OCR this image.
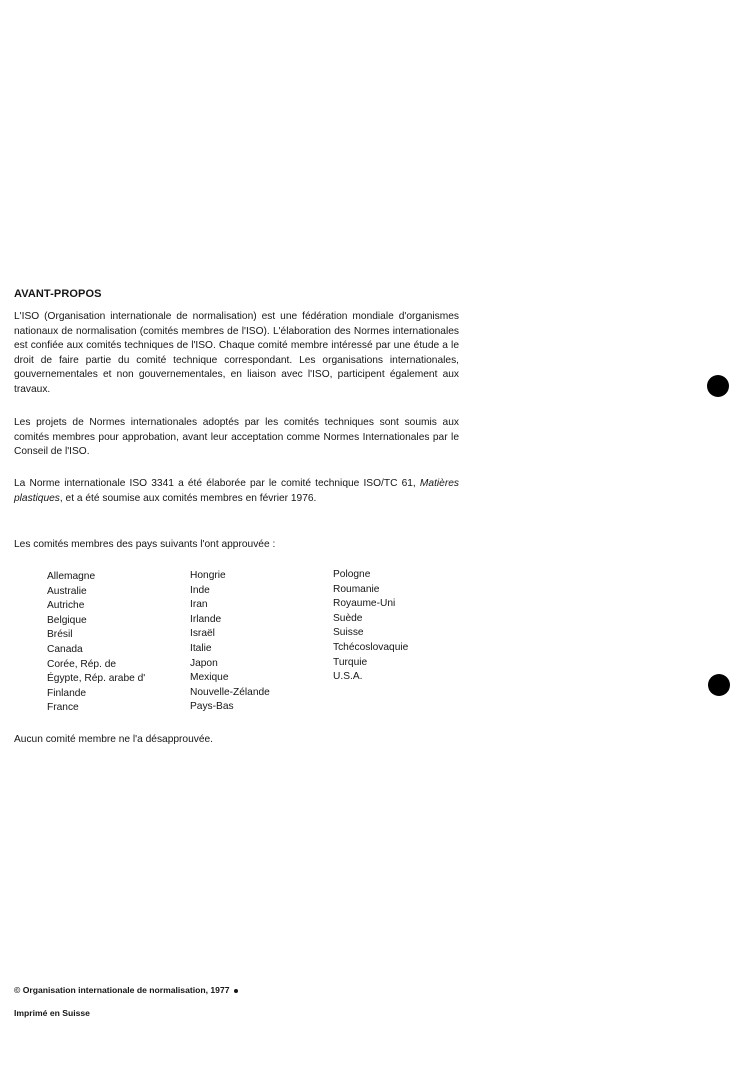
AVANT-PROPOS

L'ISO (Organisation internationale de normalisation) est une fédération mondiale d'organismes nationaux de normalisation (comités membres de l'ISO). L'élaboration des Normes internationales est confiée aux comités techniques de l'ISO. Chaque comité membre intéressé par une étude a le droit de faire partie du comité technique correspondant. Les organisations internationales, gouvernementales et non gouvernementales, en liaison avec l'ISO, participent également aux travaux.

Les projets de Normes internationales adoptés par les comités techniques sont soumis aux comités membres pour approbation, avant leur acceptation comme Normes Internationales par le Conseil de l'ISO.

La Norme internationale ISO 3341 a été élaborée par le comité technique ISO/TC 61, Matières plastiques, et a été soumise aux comités membres en février 1976.

Les comités membres des pays suivants l'ont approuvée :

Allemagne
Australie
Autriche
Belgique
Brésil
Canada
Corée, Rép. de
Égypte, Rép. arabe d'
Finlande
France
Hongrie
Inde
Iran
Irlande
Israël
Italie
Japon
Mexique
Nouvelle-Zélande
Pays-Bas
Pologne
Roumanie
Royaume-Uni
Suède
Suisse
Tchécoslovaquie
Turquie
U.S.A.

Aucun comité membre ne l'a désapprouvée.

© Organisation internationale de normalisation, 1977
Imprimé en Suisse
